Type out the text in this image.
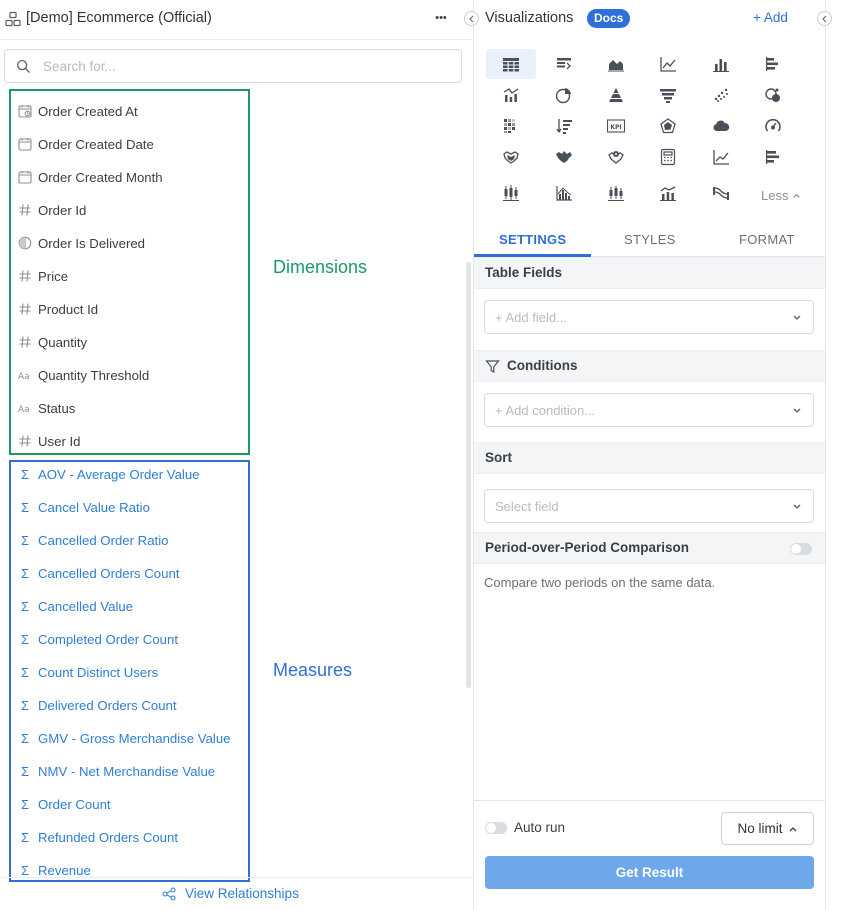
[Demo] Ecommerce (Official)	•••
Search for...
Order Created At
Order Created Date
Order Created Month
Order Id
Order Is Delivered
Price
Product Id
Quantity
Aa Quantity Threshold
Aa Status
User Id
Σ AOV - Average Order Value
Σ Cancel Value Ratio
Σ Cancelled Order Ratio
Σ Cancelled Orders Count
Σ Cancelled Value
Σ Completed Order Count
Σ Count Distinct Users
Σ Delivered Orders Count
Σ GMV - Gross Merchandise Value
Σ NMV - Net Merchandise Value
Σ Order Count
Σ Refunded Orders Count
Σ Revenue
Dimensions
Measures
View Relationships
Visualizations	Docs	+ Add
KPI
Less
SETTINGS	STYLES	FORMAT
Table Fields
+ Add field...
Conditions
+ Add condition...
Sort
Select field
Period-over-Period Comparison
Compare two periods on the same data.
Auto run	No limit
Get Result
